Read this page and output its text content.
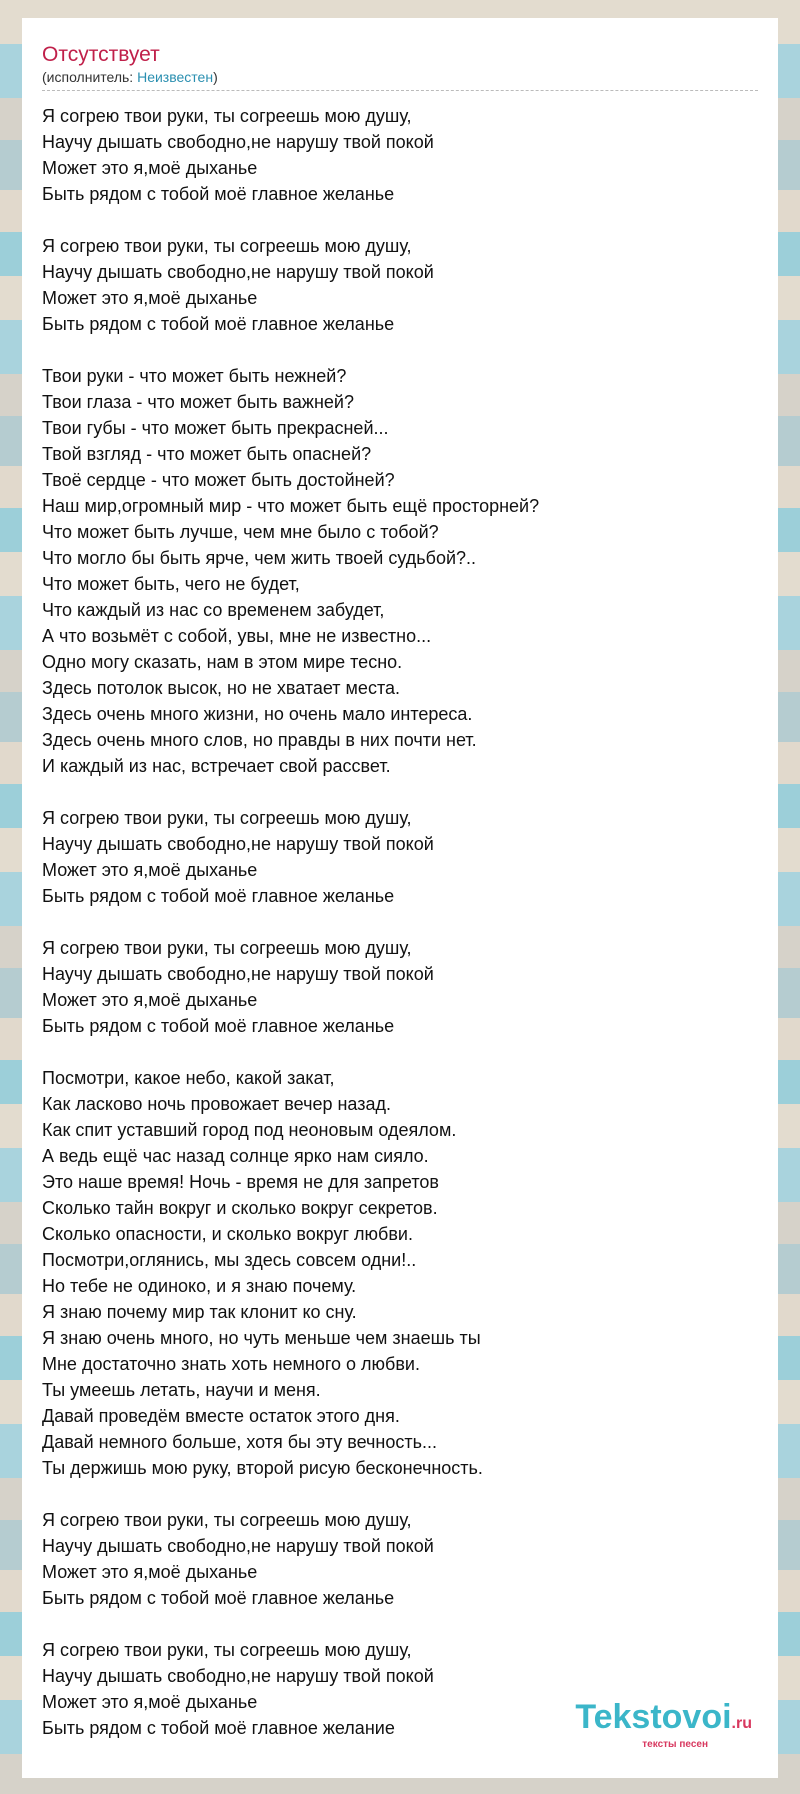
Отсутствует
(исполнитель: Неизвестен)
Я согрею твои руки, ты согреешь мою душу,
Научу дышать свободно,не нарушу твой покой
Может это я,моё дыханье
Быть рядом с тобой моё главное желанье
Я согрею твои руки, ты согреешь мою душу,
Научу дышать свободно,не нарушу твой покой
Может это я,моё дыханье
Быть рядом с тобой моё главное желанье
Твои руки - что может быть нежней?
Твои глаза - что может быть важней?
Твои губы - что может быть прекрасней...
Твой взгляд - что может быть опасней?
Твоё сердце - что может быть достойней?
Наш мир,огромный мир - что может быть ещё просторней?
Что может быть лучше, чем мне было с тобой?
Что могло бы быть ярче, чем жить твоей судьбой?..
Что может быть, чего не будет,
Что каждый из нас со временем забудет,
А что возьмёт с собой, увы, мне не известно...
Одно могу сказать, нам в этом мире тесно.
Здесь потолок высок, но не хватает места.
Здесь очень много жизни, но очень мало интереса.
Здесь очень много слов, но правды в них почти нет.
И каждый из нас, встречает свой рассвет.
Я согрею твои руки, ты согреешь мою душу,
Научу дышать свободно,не нарушу твой покой
Может это я,моё дыханье
Быть рядом с тобой моё главное желанье
Я согрею твои руки, ты согреешь мою душу,
Научу дышать свободно,не нарушу твой покой
Может это я,моё дыханье
Быть рядом с тобой моё главное желанье
Посмотри, какое небо, какой закат,
Как ласково ночь провожает вечер назад.
Как спит уставший город под неоновым одеялом.
А ведь ещё час назад солнце ярко нам сияло.
Это наше время! Ночь - время не для запретов
Сколько тайн вокруг и сколько вокруг секретов.
Сколько опасности, и сколько вокруг любви.
Посмотри,оглянись, мы здесь совсем одни!..
Но тебе не одиноко, и я знаю почему.
Я знаю почему мир так клонит ко сну.
Я знаю очень много, но чуть меньше чем знаешь ты
Мне достаточно знать хоть немного о любви.
Ты умеешь летать, научи и меня.
Давай проведём вместе остаток этого дня.
Давай немного больше, хотя бы эту вечность...
Ты держишь мою руку, второй рисую бесконечность.
Я согрею твои руки, ты согреешь мою душу,
Научу дышать свободно,не нарушу твой покой
Может это я,моё дыханье
Быть рядом с тобой моё главное желанье
Я согрею твои руки, ты согреешь мою душу,
Научу дышать свободно,не нарушу твой покой
Может это я,моё дыханье
Быть рядом с тобой моё главное желание	Tekstovoi.ru
тексты песен
